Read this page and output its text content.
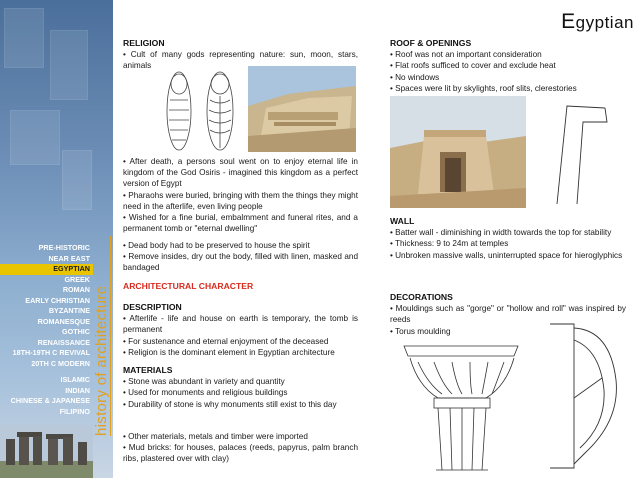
PRE-HISTORIC
NEAR EAST
EGYPTIAN
GREEK
ROMAN
EARLY CHRISTIAN
BYZANTINE
ROMANESQUE
GOTHIC
RENAISSANCE
18TH-19TH C REVIVAL
20TH C MODERN
ISLAMIC
INDIAN
CHINESE & JAPANESE
FILIPINO history of architecture
Egyptian
RELIGION
• Cult of many gods representing nature: sun, moon, stars, animals
• After death, a persons soul went on to enjoy eternal life in kingdom of the God Osiris - imagined this kingdom as a perfect version of Egypt
• Pharaohs were buried, bringing with them the things they might need in the afterlife, even living people
• Wished for a fine burial, embalmment and funeral rites, and a permanent tomb or "eternal dwelling"
• Dead body had to be preserved to house the spirit
• Remove insides, dry out the body, filled with linen, masked and bandaged
ARCHITECTURAL CHARACTER
DESCRIPTION
• Afterlife - life and house on earth is temporary, the tomb is permanent
• For sustenance and eternal enjoyment of the deceased
• Religion is the dominant element in Egyptian architecture
MATERIALS
• Stone was abundant in variety and quantity
• Used for monuments and religious buildings
• Durability of stone is why monuments still exist to this day
• Other materials, metals and timber were imported
• Mud bricks: for houses, palaces (reeds, papyrus, palm branch ribs, plastered over with clay)
ROOF & OPENINGS
• Roof was not an important consideration
• Flat roofs sufficed to cover and exclude heat
• No windows
• Spaces were lit by skylights, roof slits, clerestories
WALL
• Batter wall - diminishing in width towards the top for stability
• Thickness: 9 to 24m at temples
• Unbroken massive walls, uninterrupted space for hieroglyphics
DECORATIONS
• Mouldings such as "gorge" or "hollow and roll" was inspired by reeds
• Torus moulding
